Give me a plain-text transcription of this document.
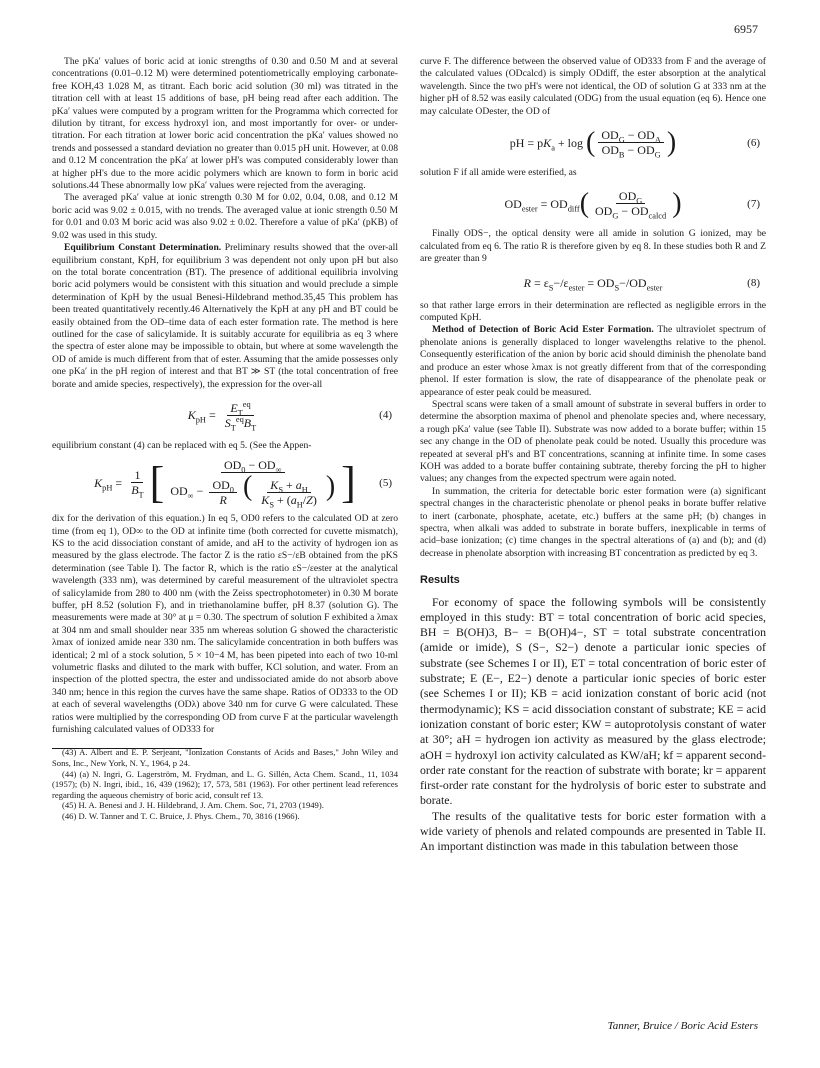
6957

The pKa′ values of boric acid at ionic strengths of 0.30 and 0.50 M and at several concentrations (0.01–0.12 M) were determined potentiometrically employing carbonate-free KOH,43 1.028 M, as titrant. Each boric acid solution (30 ml) was titrated in the titration cell with at least 15 additions of base, pH being read after each addition. The pKa′ values were computed by a program written for the Programma which corrected for dilution by titrant, for excess hydroxyl ion, and most importantly for over- or under-titration. For each titration at lower boric acid concentration the pKa′ values showed no trends and possessed a standard deviation no greater than 0.015 pH unit. However, at 0.08 and 0.12 M concentration the pKa′ at lower pH's was computed considerably lower than at higher pH's due to the more acidic polymers which are known to form in boric acid solutions.44 These abnormally low pKa′ values were rejected from the averaging.

The averaged pKa′ value at ionic strength 0.30 M for 0.02, 0.04, 0.08, and 0.12 M boric acid was 9.02 ± 0.015, with no trends. The averaged value at ionic strength 0.50 M for 0.01 and 0.03 M boric acid was also 9.02 ± 0.02. Therefore a value of pKa′ (pKB) of 9.02 was used in this study.

Equilibrium Constant Determination. Preliminary results showed that the over-all equilibrium constant, KpH, for equilibrium 3 was dependent not only upon pH but also on the total borate concentration (BT). The presence of additional equilibria involving boric acid polymers would be consistent with this situation and would preclude a simple determination of KpH by the usual Benesi-Hildebrand method.35,45 This problem has been treated quantitatively recently.46 Alternatively the KpH at any pH and BT could be easily obtained from the OD–time data of each ester formation rate. The method is here outlined for the case of salicylamide. It is suitably accurate for equilibria as eq 3 where the spectra of ester alone may be impossible to obtain, but where at some wavelength the OD of amide is much different from that of ester. Assuming that the amide possesses only one pKa′ in the pH region of interest and that BT ≫ ST (the total concentration of free borate and amide species, respectively), the expression for the over-all

$K_{pH} = \frac{E_T^{eq}}{S_T^{eq}B_T}$	(4)

equilibrium constant (4) can be replaced with eq 5. (See the Appen-

$K_{pH} = \frac{1}{B_T}$ [	$OD_0 - OD_\infty$
$OD_\infty - \frac{OD_0}{R}$ ( $\frac{K_S + a_H}{K_S + (a_H/Z)}$ ) ] (5)

dix for the derivation of this equation.) In eq 5, OD0 refers to the calculated OD at zero time (from eq 1), OD∞ to the OD at infinite time (both corrected for cuvette mismatch), KS to the acid dissociation constant of amide, and aH to the activity of hydrogen ion as measured by the glass electrode. The factor Z is the ratio εS−/εB obtained from the pKS determination (see Table I). The factor R, which is the ratio εS−/εester at the analytical wavelength (333 nm), was determined by careful measurement of the ultraviolet spectra of salicylamide from 280 to 400 nm (with the Zeiss spectrophotometer) in 0.30 M borate buffer, pH 8.52 (solution F), and in triethanolamine buffer, pH 8.37 (solution G). The measurements were made at 30° at μ = 0.30. The spectrum of solution F exhibited a λmax at 304 nm and small shoulder near 335 nm whereas solution G showed the characteristic λmax of ionized amide near 330 nm. The salicylamide concentration in both buffers was identical; 2 ml of a stock solution, 5 × 10−4 M, has been pipeted into each of two 10-ml volumetric flasks and diluted to the mark with buffer, KCl solution, and water. From an inspection of the plotted spectra, the ester and undissociated amide do not absorb above 340 nm; hence in this region the curves have the same shape. Ratios of OD333 to the OD at each of several wavelengths (ODλ) above 340 nm for curve G were calculated. These ratios were multiplied by the corresponding OD from curve F at the particular wavelength furnishing calculated values of OD333 for

(43) A. Albert and E. P. Serjeant, "Ionization Constants of Acids and Bases," John Wiley and Sons, Inc., New York, N. Y., 1964, p 24.

(44) (a) N. Ingri, G. Lagerström, M. Frydman, and L. G. Sillén, Acta Chem. Scand., 11, 1034 (1957); (b) N. Ingri, ibid., 16, 439 (1962); 17, 573, 581 (1963). For other pertinent lead references regarding the aqueous chemistry of boric acid, consult ref 13.

(45) H. A. Benesi and J. H. Hildebrand, J. Am. Chem. Soc, 71, 2703 (1949).

(46) D. W. Tanner and T. C. Bruice, J. Phys. Chem., 70, 3816 (1966).

curve F. The difference between the observed value of OD333 from F and the average of the calculated values (ODcalcd) is simply ODdiff, the ester absorption at the analytical wavelength. Since the two pH's were not identical, the OD of solution G at 333 nm at the higher pH of 8.52 was easily calculated (ODG) from the usual equation (eq 6). Hence one may calculate ODester, the OD of

pH = $pK_a + \log$ ( $\frac{OD_G - OD_A}{OD_B - OD_G}$ )	(6)

solution F if all amide were esterified, as

$OD_{ester} = OD_{diff}$ ( $\frac{OD_G}{OD_G - OD_{calcd}}$ )	(7)

Finally ODS−, the optical density were all amide in solution G ionized, may be calculated from eq 6. The ratio R is therefore given by eq 8. In these studies both R and Z are greater than 9

$R = \varepsilon_S-/\varepsilon_{ester} = OD_S-/OD_{ester}$	(8)

so that rather large errors in their determination are reflected as negligible errors in the computed KpH.

Method of Detection of Boric Acid Ester Formation. The ultraviolet spectrum of phenolate anions is generally displaced to longer wavelengths relative to the phenol. Consequently esterification of the anion by boric acid should diminish the phenolate band and produce an ester whose λmax is not greatly different from that of the corresponding phenol. If ester formation is slow, the rate of disappearance of the phenolate peak or appearance of ester peak could be measured.

Spectral scans were taken of a small amount of substrate in several buffers in order to determine the absorption maxima of phenol and phenolate species and, where necessary, a rough pKa′ value (see Table II). Substrate was now added to a borate buffer; within 15 sec any change in the OD of phenolate peak could be noted. Usually this procedure was repeated at several pH's and BT concentrations, scanning at infinite time. In some cases KOH was added to a borate buffer containing subtrate, thereby forcing the pH to higher values; any changes from the expected spectrum were again noted.

In summation, the criteria for detectable boric ester formation were (a) significant spectral changes in the characteristic phenolate or phenol peaks in borate buffer relative to inert (carbonate, phosphate, acetate, etc.) buffers at the same pH; (b) changes in spectra, when alkali was added to substrate in borate buffers, inexplicable in terms of acid–base ionization; (c) time changes in the spectral alterations of (a) and (b); and (d) decrease in phenolate absorption with increasing BT concentration as predicted by eq 3.

Results

For economy of space the following symbols will be consistently employed in this study: BT = total concentration of boric acid species, BH = B(OH)3, B− = B(OH)4−, ST = total substrate concentration (amide or imide), S (S−, S2−) denote a particular ionic species of substrate (see Schemes I or II), ET = total concentration of boric ester of substrate; E (E−, E2−) denote a particular ionic species of boric ester (see Schemes I or II); KB = acid ionization constant of boric acid (not thermodynamic); KS = acid dissociation constant of substrate; KE = acid ionization constant of boric ester; KW = autoprotolysis constant of water at 30°; aH = hydrogen ion activity as measured by the glass electrode; aOH = hydroxyl ion activity calculated as KW/aH; kf = apparent second-order rate constant for the reaction of substrate with borate; kr = apparent first-order rate constant for the hydrolysis of boric ester to substrate and borate.

The results of the qualitative tests for boric ester formation with a wide variety of phenols and related compounds are presented in Table II. An important distinction was made in this tabulation between those

Tanner, Bruice / Boric Acid Esters
